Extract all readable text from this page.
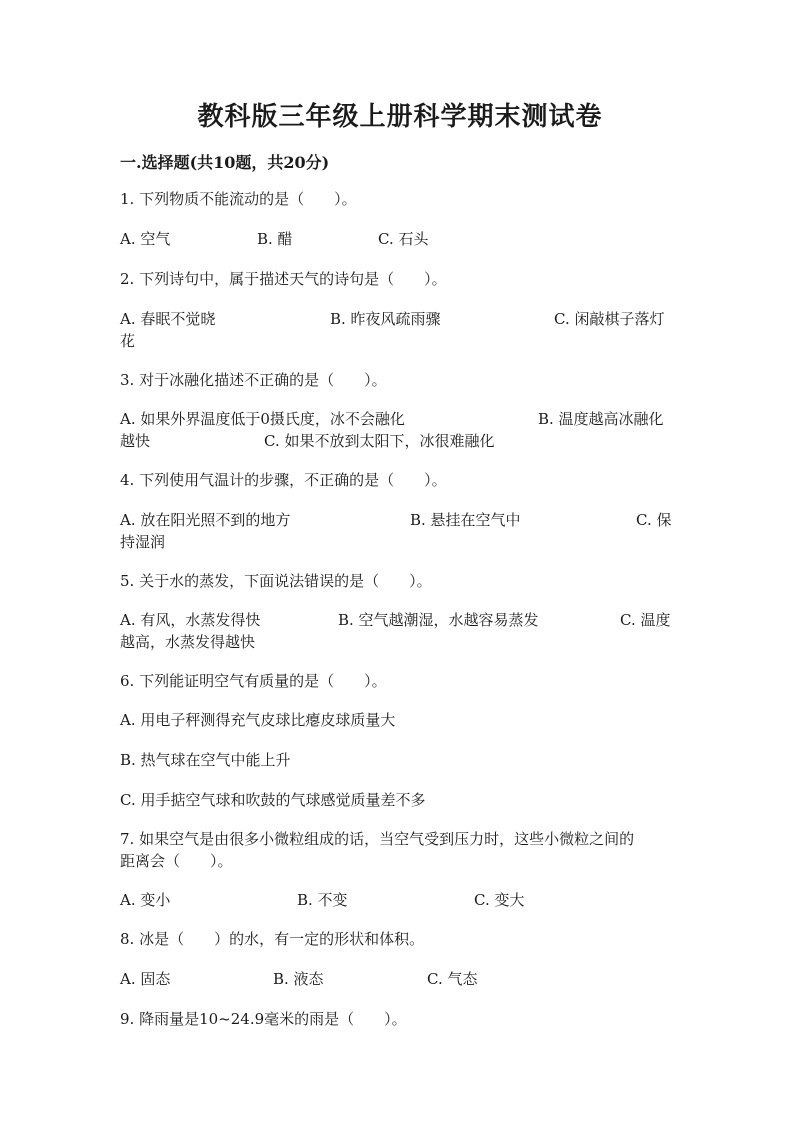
教科版三年级上册科学期末测试卷

一.选择题(共10题，共20分)

1. 下列物质不能流动的是（　　）。

A. 空气	B. 醋	C. 石头

2. 下列诗句中，属于描述天气的诗句是（　　）。

A. 春眠不觉晓	B. 昨夜风疏雨骤	C. 闲敲棋子落灯

花

3. 对于冰融化描述不正确的是（　　）。

A. 如果外界温度低于0摄氏度，冰不会融化	B. 温度越高冰融化
越快	C. 如果不放到太阳下，冰很难融化

4. 下列使用气温计的步骤，不正确的是（　　）。

A. 放在阳光照不到的地方	B. 悬挂在空气中	C. 保

持湿润

5. 关于水的蒸发，下面说法错误的是（　　）。

A. 有风，水蒸发得快	B. 空气越潮湿，水越容易蒸发	C. 温度

越高，水蒸发得越快

6. 下列能证明空气有质量的是（　　）。

A. 用电子秤测得充气皮球比瘪皮球质量大

B. 热气球在空气中能上升

C. 用手掂空气球和吹鼓的气球感觉质量差不多

7. 如果空气是由很多小微粒组成的话，当空气受到压力时，这些小微粒之间的

距离会（　　）。

A. 变小	B. 不变	C. 变大

8. 冰是（　　）的水，有一定的形状和体积。

A. 固态	B. 液态	C. 气态

9. 降雨量是10~24.9毫米的雨是（　　）。
